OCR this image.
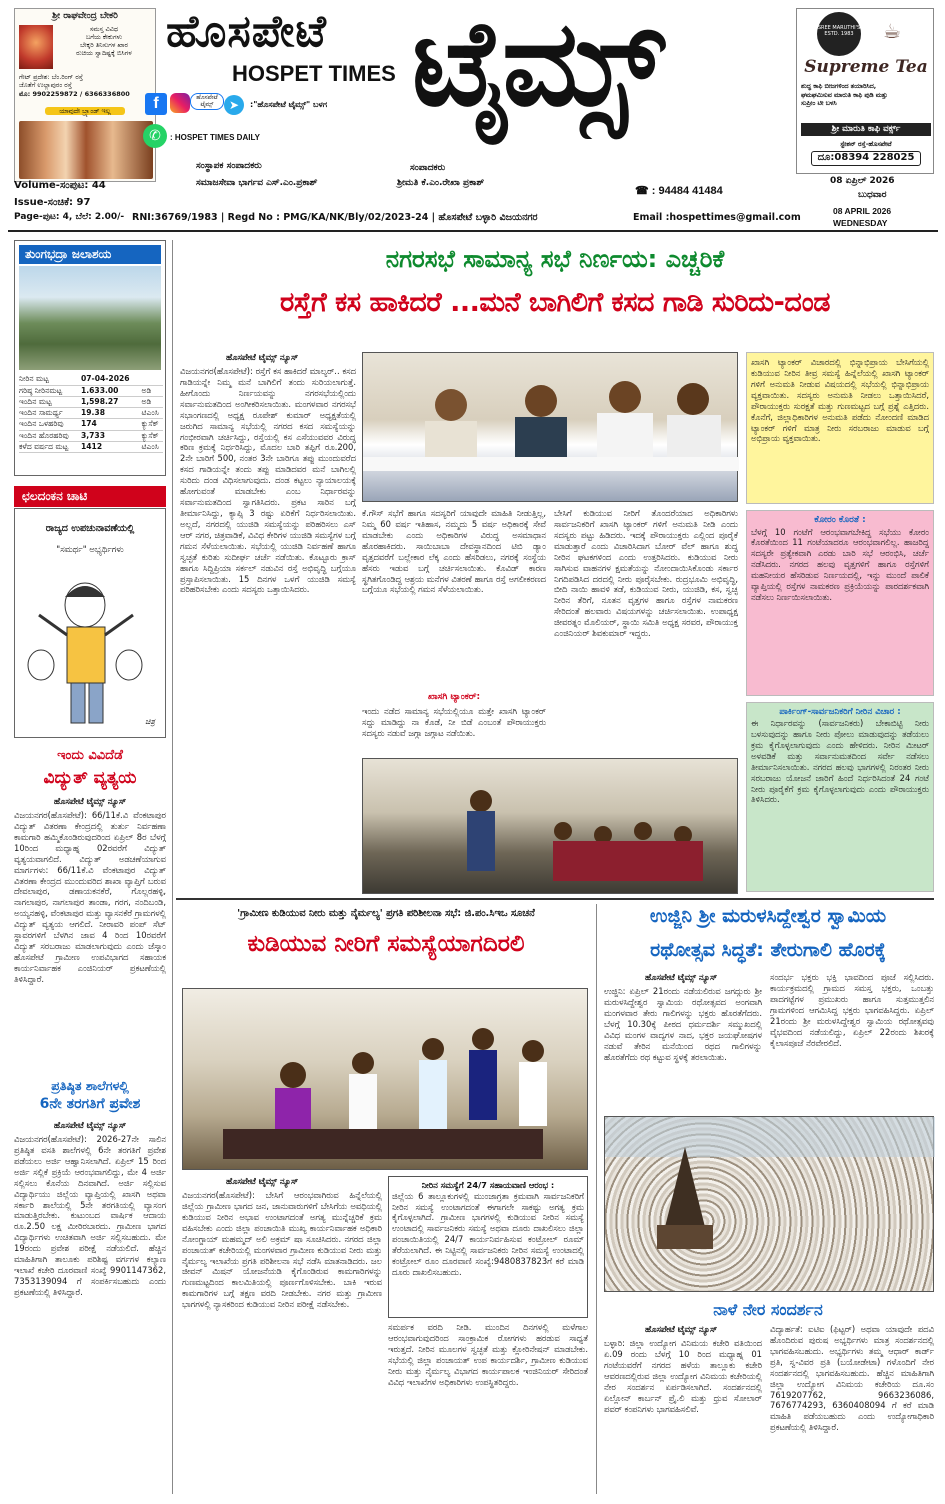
ಶ್ರೀ ರಾಘವೇಂದ್ರ ಬೇಕರಿ
ಸಮಸ್ತ ವಿವಿಧ
ಬಗೆಯ ಕೇಕುಗಳು
ಬೇಕ್ಕರಿ ತಿನಿಸುಗಳ ಖಾರ
ರುಚಿಯ ಸ್ವಾದಿಷ್ಟಕ್ಕೆ ಬಿಸಿಗಳ
ಗೇಟ್ ಪ್ರದೇಶ: ಬೆಂ.ರಿಂಗ್ ರಸ್ತೆ
ಜೊತೆಗೆ ಉಲ್ಲಾಪುರಂ ರಸ್ತೆ
ಮೊ: 9902259872 / 6366336800
ಯಾವುದೇ ಬ್ರ್ಯಾಂಡ್ ಇಲ್ಲ
ಹೊಸಪೇಟೆ
HOSPET TIMES ಟೈಮ್ಸ್
f	ಹೊಸಪೇಟೆ ಟೈಮ್ಸ್	➤	:"ಹೊಸಪೇಟೆ ಟೈಮ್ಸ್" ಬಳಗ
✆	: HOSPET TIMES DAILY
ಸಂಸ್ಥಾಪಕ ಸಂಪಾದಕರು
ಸಮಾಜಸೇವಾ ಭಾರ್ಗವ ಎಸ್.ಎಂ.ಪ್ರಕಾಶ್
ಸಂಪಾದಕರು
ಶ್ರೀಮತಿ ಕೆ.ಎಂ.ರೇಖಾ ಪ್ರಕಾಶ್
☎ : 94484 41484
SREE MARUTHI'S
ESTD. 1983	☕
Supreme Tea
ಶುದ್ಧ ಕಾಫಿ ಬೀಜಗಳಿಂದ ತಯಾರಿಸಿದ,
ಘಮಘಮಿಸುವ ಮಾರುತಿ ಕಾಫಿ ಪುಡಿ ಮತ್ತು
ಸುಪ್ರೀಂ ಟೀ ಬಳಸಿ
ಶ್ರೀ ಮಾರುತಿ ಕಾಫಿ ವರ್ಕ್ಸ್
ಸ್ಟೇಶನ್ ರಸ್ತೆ-ಹೊಸಪೇಟೆ
ದೂ:08394 228025
08 ಏಪ್ರಿಲ್ 2026
ಬುಧವಾರ
Volume-ಸಂಪುಟ: 44
Issue-ಸಂಚಿಕೆ: 97
Page-ಪುಟ: 4, ಬೆಲೆ: 2.00/- RNI:36769/1983 | Regd No : PMG/KA/NK/Bly/02/2023-24 | ಹೊಸಪೇಟೆ ಬಳ್ಳಾರಿ ವಿಜಯನಗರ	Email :hospettimes@gmail.com
08 APRIL 2026
WEDNESDAY
ತುಂಗಭದ್ರಾ ಜಲಾಶಯ
ನೀರಿನ ಮಟ್ಟ	07-04-2026	
ಗರಿಷ್ಠ ನೀರಿನಮಟ್ಟ	1.633.00	ಅಡಿ
ಇಂದಿನ ಮಟ್ಟ	1,598.27	ಅಡಿ
ಇಂದಿನ ಸಾಮರ್ಥ್ಯ	19.38	ಟಿಎಂಸಿ
ಇಂದಿನ ಒಳಹರಿವು	174	ಕ್ಯುಸೆಕ್
ಇಂದಿನ ಹೊರಹರಿವು	3,733	ಕ್ಯುಸೆಕ್
ಕಳೆದ ವರ್ಷದ ಮಟ್ಟ	1412	ಟಿಎಂಸಿ
ಛಲದಂಕನ ಚಾಟಿ
ರಾಜ್ಯದ ಉಪಚುನಾವಣೆಯಲ್ಲಿ
"ಸಮರ್ಥ" ಅಭ್ಯರ್ಥಿಗಳು
ಚಿತ್ರ
ಇಂದು ವಿವಿದೆಡೆ
ವಿದ್ಯುತ್ ವ್ಯತ್ಯಯ
ಹೊಸಪೇಟೆ ಟೈಮ್ಸ್ ನ್ಯೂಸ್
ವಿಜಯನಗರ(ಹೊಸಪೇಟೆ): 66/11ಕೆ.ವಿ ವೆಂಕಟಾಪುರ ವಿದ್ಯುತ್ ವಿತರಣಾ ಕೇಂದ್ರದಲ್ಲಿ ತುರ್ತು ನಿರ್ವಹಣಾ ಕಾಮಗಾರಿ ಹಮ್ಮಿಕೊಂಡಿರುವುದರಿಂದ ಏಪ್ರಿಲ್ 8ರ ಬೆಳಗ್ಗೆ 10ರಿಂದ ಮಧ್ಯಾಹ್ನ 02ರವರೆಗೆ ವಿದ್ಯುತ್ ವ್ಯತ್ಯಯವಾಗಲಿದೆ. ವಿದ್ಯುತ್ ಅಡಚಣೆಯಾಗುವ ಮಾರ್ಗಗಳು: 66/11ಕೆ.ವಿ ವೆಂಕಟಾಪುರ ವಿದ್ಯುತ್ ವಿತರಣಾ ಕೇಂದ್ರದ ಮುಂದುವರಿದ ಶಾಖಾ ವ್ಯಾಪ್ತಿಗೆ ಬರುವ ದೇವಲಾಪುರ, ಡಣಾಯಕನಕೆರೆ, ಗೊಲ್ಲರಹಳ್ಳಿ, ನಾಗಲಾಪುರ, ನಾಗಲಾಪುರ ತಾಂಡಾ, ಗರಗ, ನಂದಿಬಂಡಿ, ಅಯ್ಯನಹಳ್ಳಿ, ವೆಂಕಟಾಪುರ ಮತ್ತು ವ್ಯಾಸನಕೆರೆ ಗ್ರಾಮಗಳಲ್ಲಿ ವಿದ್ಯುತ್ ವ್ಯತ್ಯಯ ಆಗಲಿದೆ. ನೀರಾವರಿ ಪಂಪ್ ಸೆಟ್ ಸ್ಥಾವರಗಳಿಗೆ ಬೆಳಗಿನ ಜಾವ 4 ರಿಂದ 10ರವರೆಗೆ ವಿದ್ಯುತ್ ಸರಬರಾಜು ಮಾಡಲಾಗುವುದು ಎಂದು ಜೆಸ್ಕಾಂ ಹೊಸಪೇಟೆ ಗ್ರಾಮೀಣ ಉಪವಿಭಾಗದ ಸಹಾಯಕ ಕಾರ್ಯನಿರ್ವಾಹಕ ಎಂಜಿನಿಯರ್ ಪ್ರಕಟಣೆಯಲ್ಲಿ ತಿಳಿಸಿದ್ದಾರೆ.
ಪ್ರತಿಷ್ಠಿತ ಶಾಲೆಗಳಲ್ಲಿ
6ನೇ ತರಗತಿಗೆ ಪ್ರವೇಶ
ಹೊಸಪೇಟೆ ಟೈಮ್ಸ್ ನ್ಯೂಸ್
ವಿಜಯನಗರ(ಹೊಸಪೇಟೆ): 2026-27ನೇ ಸಾಲಿನ ಪ್ರತಿಷ್ಠಿತ ವಸತಿ ಶಾಲೆಗಳಲ್ಲಿ 6ನೇ ತರಗತಿಗೆ ಪ್ರವೇಶ ಪಡೆಯಲು ಅರ್ಜಿ ಆಹ್ವಾನಿಸಲಾಗಿದೆ. ಏಪ್ರಿಲ್ 15 ರಿಂದ ಅರ್ಜಿ ಸಲ್ಲಿಕೆ ಪ್ರಕ್ರಿಯೆ ಆರಂಭವಾಗಲಿದ್ದು, ಮೇ 4 ಅರ್ಜಿ ಸಲ್ಲಿಸಲು ಕೊನೆಯ ದಿನವಾಗಿದೆ. ಅರ್ಜಿ ಸಲ್ಲಿಸುವ ವಿದ್ಯಾರ್ಥಿಯು ಜಿಲ್ಲೆಯ ವ್ಯಾಪ್ತಿಯಲ್ಲಿ ಖಾಸಗಿ ಅಥವಾ ಸರ್ಕಾರಿ ಶಾಲೆಯಲ್ಲಿ 5ನೇ ತರಗತಿಯಲ್ಲಿ ವ್ಯಾಸಂಗ ಮಾಡುತ್ತಿರಬೇಕು. ಕುಟುಂಬದ ವಾರ್ಷಿಕ ಆದಾಯ ರೂ.2.50 ಲಕ್ಷ ಮೀರಿರಬಾರದು. ಗ್ರಾಮೀಣ ಭಾಗದ ವಿದ್ಯಾರ್ಥಿಗಳು ಉಚಿತವಾಗಿ ಅರ್ಜಿ ಸಲ್ಲಿಸಬಹುದು. ಮೇ 19ರಂದು ಪ್ರವೇಶ ಪರೀಕ್ಷೆ ನಡೆಯಲಿದೆ. ಹೆಚ್ಚಿನ ಮಾಹಿತಿಗಾಗಿ ತಾಲೂಕು ಪರಿಶಿಷ್ಟ ವರ್ಗಗಳ ಕಲ್ಯಾಣ ಇಲಾಖೆ ಕಚೇರಿ ದೂರವಾಣಿ ಸಂಖ್ಯೆ 9901147362, 7353139094 ಗೆ ಸಂಪರ್ಕಿಸಬಹುದು ಎಂದು ಪ್ರಕಟಣೆಯಲ್ಲಿ ತಿಳಿಸಿದ್ದಾರೆ.
ನಗರಸಭೆ ಸಾಮಾನ್ಯ ಸಭೆ ನಿರ್ಣಯ: ಎಚ್ಚರಿಕೆ
ರಸ್ತೆಗೆ ಕಸ ಹಾಕಿದರೆ ...ಮನೆ ಬಾಗಿಲಿಗೆ ಕಸದ ಗಾಡಿ ಸುರಿದು-ದಂಡ
ಹೊಸಪೇಟೆ ಟೈಮ್ಸ್ ನ್ಯೂಸ್
ವಿಜಯನಗರ(ಹೊಸಪೇಟೆ): ರಸ್ತೆಗೆ ಕಸ ಹಾಕಿದರೆ ಮಾಲ್ಯರ್.. ಕಸದ ಗಾಡಿಯನ್ನೇ ನಿಮ್ಮ ಮನೆ ಬಾಗಿಲಿಗೆ ತಂದು ಸುರಿಯಲಾಗುತ್ತೆ. ಹೀಗೊಂದು ನಿರ್ಣಯವನ್ನು ನಗರಸಭೆಯಲ್ಲಿಂದು ಸರ್ವಾನುಮತದಿಂದ ಅಂಗೀಕರಿಸಲಾಯಿತು. ಮಂಗಳವಾರ ನಗರಸಭೆ ಸಭಾಂಗಣದಲ್ಲಿ ಅಧ್ಯಕ್ಷ ರೂಪೇಶ್ ಕುಮಾರ್ ಅಧ್ಯಕ್ಷತೆಯಲ್ಲಿ ಜರುಗಿದ ಸಾಮಾನ್ಯ ಸಭೆಯಲ್ಲಿ ನಗರದ ಕಸದ ಸಮಸ್ಯೆಯನ್ನು ಗಂಭೀರವಾಗಿ ಚರ್ಚಿಸಿದ್ದು, ರಸ್ತೆಯಲ್ಲಿ ಕಸ ಎಸೆಯುವವರ ವಿರುದ್ಧ ಕಠಿಣ ಕ್ರಮಕ್ಕೆ ನಿರ್ಧರಿಸಿದ್ದು, ಮೊದಲ ಬಾರಿ ತಪ್ಪಿಗೆ ರೂ.200, 2ನೇ ಬಾರಿಗೆ 500, ನಂತರ 3ನೇ ಬಾರಿಗೂ ತಪ್ಪು ಮುಂದುವರೆದ ಕಸದ ಗಾಡಿಯನ್ನೇ ತಂದು ತಪ್ಪು ಮಾಡಿದವರ ಮನೆ ಬಾಗಿಲಲ್ಲಿ ಸುರಿದು ದಂಡ ವಿಧಿಸಲಾಗುವುದು. ದಂಡ ಕಟ್ಟಲು ನ್ಯಾಯಾಲಯಕ್ಕೆ ಹೋಗುವಂತೆ ಮಾಡಬೇಕು ಎಂಬ ನಿರ್ಧಾರವನ್ನು ಸರ್ವಾನುಮತದಿಂದ ಸ್ವಾಗತಿಸಿದರು. ಪ್ರಕಟ ಸಾರಿನ ಬಗ್ಗೆ ತೀರ್ಮಾನಿಸಿದ್ದು, ಕ್ಯಾಪ್ಸಿ 3 ರಷ್ಟು ಏರಿಕೆಗೆ ನಿರ್ಧರಿಸಲಾಯಿತು. ಅಲ್ಲದೆ, ನಗರದಲ್ಲಿ ಯುಜಿಡಿ ಸಮಸ್ಯೆಯನ್ನು ಪರಿಹರಿಸಲು ಎಸ್ ಆರ್ ನಗರ, ಚಿತ್ರವಾಡಿಕೆ, ವಿವಿಧ ಕೇರಿಗಳ ಯುಜಿಡಿ ಸಮಸ್ಯೆಗಳ ಬಗ್ಗೆ ಗಮನ ಸೆಳೆಯಲಾಯಿತು. ಸಭೆಯಲ್ಲಿ ಯುಜಿಡಿ ನಿರ್ವಹಣೆ ಹಾಗೂ ಸ್ವಚ್ಛತೆ ಕುರಿತು ಸುದೀರ್ಘ ಚರ್ಚೆ ನಡೆಯಿತು. ಕೊಟ್ಟೂರು ಕ್ರಾಸ್ ಹಾಗೂ ಸಿದ್ದಿಪ್ರಿಯಾ ಸರ್ಕಲ್ ನಡುವಿನ ರಸ್ತೆ ಅಭಿವೃದ್ಧಿ ಬಗ್ಗೆಯೂ ಪ್ರಸ್ತಾಪಿಸಲಾಯಿತು. 15 ದಿನಗಳ ಒಳಗೆ ಯುಜಿಡಿ ಸಮಸ್ಯೆ ಪರಿಹರಿಸಬೇಕು ಎಂದು ಸದಸ್ಯರು ಒತ್ತಾಯಿಸಿದರು.
ಕೆ.ಗೌಸ್ ಸಭೆಗೆ ಹಾಗೂ ಸದಸ್ಯರಿಗೆ ಯಾವುದೇ ಮಾಹಿತಿ ನೀಡುತ್ತಿಲ್ಲ, ನಿಮ್ಮ 60 ವರ್ಷ ಇತಿಹಾಸ, ನಮ್ಮದು 5 ವರ್ಷ ಅಧಿಕಾರಕ್ಕೆ ಸೇವೆ ಮಾಡಬೇಕು ಎಂದು ಅಧಿಕಾರಿಗಳ ವಿರುದ್ಧ ಅಸಮಾಧಾನ ಹೊರಹಾಕಿದರು. ಸಾಯಿಬಾಬಾ ದೇವಸ್ಥಾನದಿಂದ ಟಿಬಿ ಡ್ಯಾಂ ವೃತ್ತದವರೆಗೆ ಬಲ್ಲೇಕಾರ ಲೆಕ್ಕ ಎಂದು ಹೆಸರಿಡಲು, ನಗರಕ್ಕೆ ಸಂಸ್ಥೆಯ ಹೆಸರು ಇಡುವ ಬಗ್ಗೆ ಚರ್ಚಿಸಲಾಯಿತು. ಕೊವಿಡ್ ಕಾರಣ ಸ್ಥಗಿತಗೊಂಡಿದ್ದ ಆಶ್ರಯ ಮನೆಗಳ ವಿತರಣೆ ಹಾಗೂ ರಸ್ತೆ ಅಗಲೀಕರಣದ ಬಗ್ಗೆಯೂ ಸಭೆಯಲ್ಲಿ ಗಮನ ಸೆಳೆಯಲಾಯಿತು.
ಖಾಸಗಿ ಟ್ಯಾಂಕರ್:
ಇಂದು ನಡೆದ ಸಾಮಾನ್ಯ ಸಭೆಯಲ್ಲಿಯೂ ಮತ್ತೇ ಖಾಸಗಿ ಟ್ಯಾಂಕರ್ ಸದ್ದು ಮಾಡಿದ್ದು ನಾ ಕೊಡೆ, ನೀ ಬಿಡೆ ಎಂಬಂತೆ ಪೌರಾಯುಕ್ತರು ಸದಸ್ಯರು ನಡುವೆ ಜಗ್ಗಾ ಜಗ್ಗಾಟ ನಡೆಯಿತು.
ಬೇಸಿಗೆ ಕುಡಿಯುವ ನೀರಿಗೆ ತೊಂದರೆಯಾದ ಅಧಿಕಾರಿಗಳು ಸಾರ್ವಜನಿಕರಿಗೆ ಖಾಸಗಿ ಟ್ಯಾಂಕರ್ ಗಳಿಗೆ ಅನುಮತಿ ನೀಡಿ ಎಂದು ಸದಸ್ಯರು ಪಟ್ಟು ಹಿಡಿದರು. ಇದಕ್ಕೆ ಪೌರಾಯುಕ್ತರು ಎಲ್ಲಿಂದ ಪೂರೈಕೆ ಮಾಡುತ್ತಾರೆ ಎಂದು ವಿಚಾರಿಸಿದಾಗ ಬೋರ್ ವೆಲ್ ಹಾಗೂ ಶುದ್ಧ ನೀರಿನ ಘಟಕಗಳಿಂದ ಎಂದು ಉತ್ತರಿಸಿದರು. ಕುಡಿಯುವ ನೀರು ಸಾಗಿಸುವ ವಾಹನಗಳ ಕ್ಷಮತೆಯನ್ನು ನೋಂದಾಯಿಸಿಕೊಂಡು ಸರ್ಕಾರ ನಿಗದಿಪಡಿಸಿದ ದರದಲ್ಲಿ ನೀರು ಪೂರೈಸಬೇಕು. ರುದ್ರಭೂಮಿ ಅಭಿವೃದ್ಧಿ, ಬೀದಿ ನಾಯಿ ಹಾವಳಿ ತಡೆ, ಕುಡಿಯುವ ನೀರು, ಯುಜಿಡಿ, ಕಸ, ಸ್ವಚ್ಛ ನೀರಿನ ತೆರಿಗೆ, ನೂತನ ವೃತ್ತಗಳ ಹಾಗೂ ರಸ್ತೆಗಳ ನಾಮಕರಣ ಸೇರಿದಂತೆ ಹಲವಾರು ವಿಷಯಗಳನ್ನು ಚರ್ಚಿಸಲಾಯಿತು. ಉಪಾಧ್ಯಕ್ಷ ಜೀವರತ್ನಂ ಮೊಲಿಯರ್, ಸ್ಥಾಯಿ ಸಮಿತಿ ಅಧ್ಯಕ್ಷ ಸರವರ, ಪೌರಾಯುಕ್ತ ಎಂಜಿನಿಯರ್ ಶಿವಕುಮಾರ್ ಇದ್ದರು.
ಖಾಸಗಿ ಟ್ಯಾಂಕರ್ ವಿಚಾರದಲ್ಲಿ ಭಿನ್ನಾಭಿಪ್ರಾಯ ಬೇಸಿಗೆಯಲ್ಲಿ ಕುಡಿಯುವ ನೀರಿನ ತೀವ್ರ ಸಮಸ್ಯೆ ಹಿನ್ನೆಲೆಯಲ್ಲಿ ಖಾಸಗಿ ಟ್ಯಾಂಕರ್ ಗಳಿಗೆ ಅನುಮತಿ ನೀಡುವ ವಿಷಯದಲ್ಲಿ ಸಭೆಯಲ್ಲಿ ಭಿನ್ನಾಭಿಪ್ರಾಯ ವ್ಯಕ್ತವಾಯಿತು. ಸದಸ್ಯರು ಅನುಮತಿ ನೀಡಲು ಒತ್ತಾಯಿಸಿದರೆ, ಪೌರಾಯುಕ್ತರು ಸುರಕ್ಷತೆ ಮತ್ತು ಗುಣಮಟ್ಟದ ಬಗ್ಗೆ ಪ್ರಶ್ನೆ ಎತ್ತಿದರು. ಕೊನೆಗೆ, ಜಿಲ್ಲಾಧಿಕಾರಿಗಳ ಅನುಮತಿ ಪಡೆದು ನೋಂದಣಿ ಮಾಡಿದ ಟ್ಯಾಂಕರ್ ಗಳಿಗೆ ಮಾತ್ರ ನೀರು ಸರಬರಾಜು ಮಾಡುವ ಬಗ್ಗೆ ಅಭಿಪ್ರಾಯ ವ್ಯಕ್ತವಾಯಿತು.
ಕೋರಂ ಕೊರತೆ :
ಬೆಳಗ್ಗೆ 10 ಗಂಟೆಗೆ ಆರಂಭವಾಗಬೇಕಿದ್ದ ಸಭೆಯು ಕೋರಂ ಕೊರತೆಯಿಂದ 11 ಗಂಟೆಯಾದರೂ ಆರಂಭವಾಗಲಿಲ್ಲ. ಹಾಜರಿದ್ದ ಸದಸ್ಯರೇ ಪ್ರತ್ಯೇಕವಾಗಿ ಎರಡು ಬಾರಿ ಸಭೆ ಆರಂಭಿಸಿ, ಚರ್ಚೆ ನಡೆಸಿದರು. ನಗರದ ಹಲವು ವೃತ್ತಗಳಿಗೆ ಹಾಗೂ ರಸ್ತೆಗಳಿಗೆ ಮಹನೀಯರ ಹೆಸರಿಡುವ ನಿರ್ಣಯದಲ್ಲಿ, ಇನ್ನು ಮುಂದೆ ಪಾಲಿಕೆ ವ್ಯಾಪ್ತಿಯಲ್ಲಿ ರಸ್ತೆಗಳ ನಾಮಕರಣ ಪ್ರಕ್ರಿಯೆಯನ್ನು ಪಾರದರ್ಶಕವಾಗಿ ನಡೆಸಲು ನಿರ್ಣಯಿಸಲಾಯಿತು.
ಪಾರ್ಕಿಂಗ್-ಸಾರ್ವಜನಿಕರಿಗೆ ನೀರಿನ ವಿಚಾರ :
ಈ ನಿರ್ಧಾರವನ್ನು (ಸಾರ್ವಜನಿಕರು) ಬೇಕಾಬಿಟ್ಟಿ ನೀರು ಬಳಸುವುದನ್ನು ಹಾಗೂ ನೀರು ಪೋಲು ಮಾಡುವುದನ್ನು ತಡೆಯಲು ಕ್ರಮ ಕೈಗೊಳ್ಳಲಾಗುವುದು ಎಂದು ಹೇಳಿದರು. ನೀರಿನ ಮೀಟರ್ ಅಳವಡಿಕೆ ಮತ್ತು ಸರ್ವಾನುಮತದಿಂದ ಸರ್ವೇ ನಡೆಸಲು ತೀರ್ಮಾನಿಸಲಾಯಿತು. ನಗರದ ಹಲವು ಭಾಗಗಳಲ್ಲಿ ನಿರಂತರ ನೀರು ಸರಬರಾಜು ಯೋಜನೆ ಜಾರಿಗೆ ಹಿಂದೆ ನಿರ್ಧರಿಸಿದಂತೆ 24 ಗಂಟೆ ನೀರು ಪೂರೈಕೆಗೆ ಕ್ರಮ ಕೈಗೊಳ್ಳಲಾಗುವುದು ಎಂದು ಪೌರಾಯುಕ್ತರು ತಿಳಿಸಿದರು.
'ಗ್ರಾಮೀಣ ಕುಡಿಯುವ ನೀರು ಮತ್ತು ನೈರ್ಮಲ್ಯ' ಪ್ರಗತಿ ಪರಿಶೀಲನಾ ಸಭೆ: ಜಿ.ಪಂ.ಸಿಇಒ ಸೂಚನೆ
ಕುಡಿಯುವ ನೀರಿಗೆ ಸಮಸ್ಯೆಯಾಗದಿರಲಿ
ಹೊಸಪೇಟೆ ಟೈಮ್ಸ್ ನ್ಯೂಸ್
ವಿಜಯನಗರ(ಹೊಸಪೇಟೆ): ಬೇಸಿಗೆ ಆರಂಭವಾಗಿರುವ ಹಿನ್ನೆಲೆಯಲ್ಲಿ ಜಿಲ್ಲೆಯ ಗ್ರಾಮೀಣ ಭಾಗದ ಜನ, ಜಾನುವಾರುಗಳಿಗೆ ಬೇಸಿಗೆಯ ಅವಧಿಯಲ್ಲಿ ಕುಡಿಯುವ ನೀರಿನ ಅಭಾವ ಉಂಟಾಗದಂತೆ ಅಗತ್ಯ ಮುನ್ನೆಚ್ಚರಿಕೆ ಕ್ರಮ ವಹಿಸಬೇಕು ಎಂದು ಜಿಲ್ಲಾ ಪಂಚಾಯಿತಿ ಮುಖ್ಯ ಕಾರ್ಯನಿರ್ವಾಹಕ ಅಧಿಕಾರಿ ನೋಂಗ್ಜಾಯ್ ಮಹಮ್ಮದ್ ಅಲಿ ಅಕ್ರಮ್ ಷಾ ಸೂಚಿಸಿದರು. ನಗರದ ಜಿಲ್ಲಾ ಪಂಚಾಯತ್ ಕಚೇರಿಯಲ್ಲಿ ಮಂಗಳವಾರ ಗ್ರಾಮೀಣ ಕುಡಿಯುವ ನೀರು ಮತ್ತು ನೈರ್ಮಲ್ಯ ಇಲಾಖೆಯ ಪ್ರಗತಿ ಪರಿಶೀಲನಾ ಸಭೆ ನಡೆಸಿ ಮಾತನಾಡಿದರು. ಜಲ ಜೀವನ್ ಮಿಷನ್ ಯೋಜನೆಯಡಿ ಕೈಗೊಂಡಿರುವ ಕಾಮಗಾರಿಗಳನ್ನು ಗುಣಮಟ್ಟದಿಂದ ಕಾಲಮಿತಿಯಲ್ಲಿ ಪೂರ್ಣಗೊಳಿಸಬೇಕು. ಬಾಕಿ ಇರುವ ಕಾಮಗಾರಿಗಳ ಬಗ್ಗೆ ತಕ್ಷಣ ವರದಿ ನೀಡಬೇಕು. ನಗರ ಮತ್ತು ಗ್ರಾಮೀಣ ಭಾಗಗಳಲ್ಲಿ ನ್ಯಾಸಕರಿಂದ ಕುಡಿಯುವ ನೀರಿನ ಪರೀಕ್ಷೆ ನಡೆಸಬೇಕು.
ನೀರಿನ ಸಮಸ್ಯೆಗೆ 24/7 ಸಹಾಯವಾಣಿ ಆರಂಭ :
ಜಿಲ್ಲೆಯ 6 ತಾಲ್ಲೂಕುಗಳಲ್ಲಿ ಮುಂಜಾಗ್ರತಾ ಕ್ರಮವಾಗಿ ಸಾರ್ವಜನಿಕರಿಗೆ ನೀರಿನ ಸಮಸ್ಯೆ ಉಂಟಾಗದಂತೆ ಈಗಾಗಲೇ ಸಾಕಷ್ಟು ಅಗತ್ಯ ಕ್ರಮ ಕೈಗೊಳ್ಳಲಾಗಿದೆ. ಗ್ರಾಮೀಣ ಭಾಗಗಳಲ್ಲಿ ಕುಡಿಯುವ ನೀರಿನ ಸಮಸ್ಯೆ ಉಂಟಾದಲ್ಲಿ ಸಾರ್ವಜನಿಕರು ಸಮಸ್ಯೆ ಅಥವಾ ದೂರು ದಾಖಲಿಸಲು ಜಿಲ್ಲಾ ಪಂಚಾಯಿತಿಯಲ್ಲಿ 24/7 ಕಾರ್ಯನಿರ್ವಹಿಸುವ ಕಂಟ್ರೋಲ್ ರೂಮ್ ತೆರೆಯಲಾಗಿದೆ. ಈ ನಿಟ್ಟಿನಲ್ಲಿ ಸಾರ್ವಜನಿಕರು ನೀರಿನ ಸಮಸ್ಯೆ ಉಂಟಾದಲ್ಲಿ ಕಂಟ್ರೋಲ್ ರೂಂ ದೂರವಾಣಿ ಸಂಖ್ಯೆ:9480837823ಗೆ ಕರೆ ಮಾಡಿ ದೂರು ದಾಖಲಿಸಬಹುದು.
ಸಮರ್ಪಕ ವರದಿ ನೀಡಿ. ಮುಂದಿನ ದಿನಗಳಲ್ಲಿ ಮಳೆಗಾಲ ಆರಂಭವಾಗುವುದರಿಂದ ಸಾಂಕ್ರಾಮಿಕ ರೋಗಗಳು ಹರಡುವ ಸಾಧ್ಯತೆ ಇರುತ್ತದೆ. ನೀರಿನ ಮೂಲಗಳ ಸ್ವಚ್ಛತೆ ಮತ್ತು ಕ್ಲೋರಿನೇಷನ್ ಮಾಡಬೇಕು. ಸಭೆಯಲ್ಲಿ ಜಿಲ್ಲಾ ಪಂಚಾಯತ್ ಉಪ ಕಾರ್ಯದರ್ಶಿ, ಗ್ರಾಮೀಣ ಕುಡಿಯುವ ನೀರು ಮತ್ತು ನೈರ್ಮಲ್ಯ ವಿಭಾಗದ ಕಾರ್ಯಪಾಲಕ ಇಂಜಿನಿಯರ್ ಸೇರಿದಂತೆ ವಿವಿಧ ಇಲಾಖೆಗಳ ಅಧಿಕಾರಿಗಳು ಉಪಸ್ಥಿತರಿದ್ದರು.
ಉಜ್ಜಿನಿ ಶ್ರೀ ಮರುಳಸಿದ್ದೇಶ್ವರ ಸ್ವಾಮಿಯ
ರಥೋತ್ಸವ ಸಿದ್ಧತೆ: ತೇರುಗಾಲಿ ಹೊರಕ್ಕೆ
ಹೊಸಪೇಟೆ ಟೈಮ್ಸ್ ನ್ಯೂಸ್
ಉಜ್ಜಿನಿ: ಏಪ್ರಿಲ್ 21ರಂದು ನಡೆಯಲಿರುವ ಜಗದ್ಗುರು ಶ್ರೀ ಮರುಳಸಿದ್ದೇಶ್ವರ ಸ್ವಾಮಿಯ ರಥೋತ್ಸವದ ಅಂಗವಾಗಿ ಮಂಗಳವಾರ ತೇರು ಗಾಲಿಗಳನ್ನು ಭಕ್ತರು ಹೊರತೆಗೆದರು. ಬೆಳಗ್ಗೆ 10.30ಕ್ಕೆ ಪೀಠದ ಧರ್ಮದರ್ಶಿ ಸಮ್ಮುಖದಲ್ಲಿ ವಿವಿಧ ಮಂಗಳ ವಾದ್ಯಗಳ ನಾದ, ಭಕ್ತರ ಜಯಘೋಷಗಳ ನಡುವೆ ತೇರಿನ ಮನೆಯಿಂದ ರಥದ ಗಾಲಿಗಳನ್ನು ಹೊರತೆಗೆದು ರಥ ಕಟ್ಟುವ ಸ್ಥಳಕ್ಕೆ ತರಲಾಯಿತು.
ಸಂದರ್ಭ ಭಕ್ತರು ಭಕ್ತಿ ಭಾವದಿಂದ ಪೂಜೆ ಸಲ್ಲಿಸಿದರು. ಕಾರ್ಯಕ್ರಮದಲ್ಲಿ ಗ್ರಾಮದ ಸಮಸ್ತ ಭಕ್ತರು, ಒಂಬತ್ತು ಪಾದಗಟ್ಟೆಗಳ ಪ್ರಮುಖರು ಹಾಗೂ ಸುತ್ತಮುತ್ತಲಿನ ಗ್ರಾಮಗಳಿಂದ ಆಗಮಿಸಿದ್ದ ಭಕ್ತರು ಭಾಗವಹಿಸಿದ್ದರು. ಏಪ್ರಿಲ್ 21ರಂದು ಶ್ರೀ ಮರುಳಸಿದ್ದೇಶ್ವರ ಸ್ವಾಮಿಯ ರಥೋತ್ಸವವು ವೈಭವದಿಂದ ನಡೆಯಲಿದ್ದು, ಏಪ್ರಿಲ್ 22ರಂದು ಶಿಖರಕ್ಕೆ ಕೈಲಾಸಪೂಜೆ ನೆರವೇರಲಿದೆ.
ನಾಳೆ ನೇರ ಸಂದರ್ಶನ
ಹೊಸಪೇಟೆ ಟೈಮ್ಸ್ ನ್ಯೂಸ್
ಬಳ್ಳಾರಿ: ಜಿಲ್ಲಾ ಉದ್ಯೋಗ ವಿನಿಮಯ ಕಚೇರಿ ವತಿಯಿಂದ ಏ.09 ರಂದು ಬೆಳಗ್ಗೆ 10 ರಿಂದ ಮಧ್ಯಾಹ್ನ 01 ಗಂಟೆಯವರೆಗೆ ನಗರದ ಹಳೆಯ ತಾಲ್ಲೂಕು ಕಚೇರಿ ಆವರಣದಲ್ಲಿರುವ ಜಿಲ್ಲಾ ಉದ್ಯೋಗ ವಿನಿಮಯ ಕಚೇರಿಯಲ್ಲಿ ನೇರ ಸಂದರ್ಶನ ಏರ್ಪಡಿಸಲಾಗಿದೆ. ಸಂದರ್ಶನದಲ್ಲಿ ಏಲ್ಲೋನ್ ಕಾರ್ಬನ್ ಪ್ರೈ.ಲಿ ಮತ್ತು ಧ್ರುವ ಸೋಲಾರ್ ಪವರ್ ಕಂಪನಿಗಳು ಭಾಗವಹಿಸಲಿವೆ.
ವಿದ್ಯಾರ್ಹತೆ: ಐಟಿಐ (ಫಿಟ್ಟರ್) ಅಥವಾ ಯಾವುದೇ ಪದವಿ ಹೊಂದಿರುವ ಪುರುಷ ಅಭ್ಯರ್ಥಿಗಳು ಮಾತ್ರ ಸಂದರ್ಶನದಲ್ಲಿ ಭಾಗವಹಿಸಬಹುದು. ಅಭ್ಯರ್ಥಿಗಳು ತಮ್ಮ ಆಧಾರ್ ಕಾರ್ಡ್ ಪ್ರತಿ, ಸ್ವ-ವಿವರ ಪ್ರತಿ (ಬಯೋಡೇಟಾ) ಗಳೊಂದಿಗೆ ನೇರ ಸಂದರ್ಶನದಲ್ಲಿ ಭಾಗವಹಿಸಬಹುದು. ಹೆಚ್ಚಿನ ಮಾಹಿತಿಗಾಗಿ ಜಿಲ್ಲಾ ಉದ್ಯೋಗ ವಿನಿಮಯ ಕಚೇರಿಯ ದೂ.ಸಂ 7619207762, 9663236086, 7676774293, 6360408094 ಗೆ ಕರೆ ಮಾಡಿ ಮಾಹಿತಿ ಪಡೆಯಬಹುದು ಎಂದು ಉದ್ಯೋಗಾಧಿಕಾರಿ ಪ್ರಕಟಣೆಯಲ್ಲಿ ತಿಳಿಸಿದ್ದಾರೆ.
